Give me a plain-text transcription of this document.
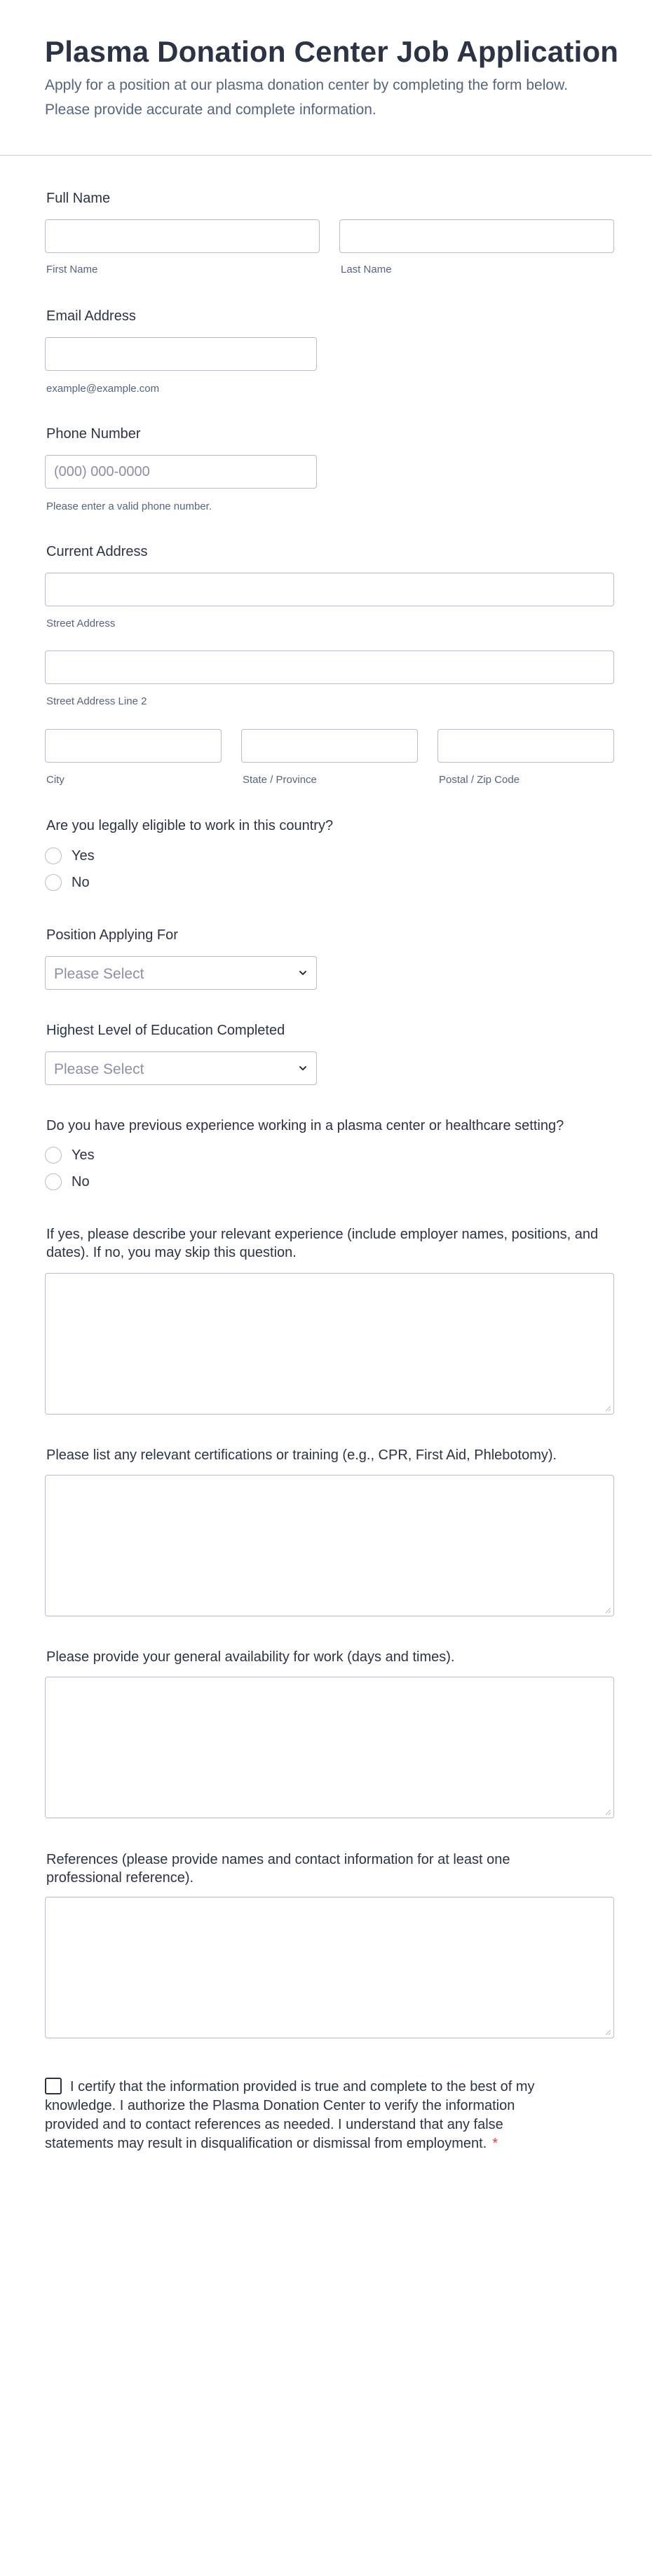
Plasma Donation Center Job Application
Apply for a position at our plasma donation center by completing the form below. Please provide accurate and complete information.
Full Name
First Name	Last Name
Email Address
example@example.com
Phone Number
(000) 000-0000
Please enter a valid phone number.
Current Address
Street Address
Street Address Line 2
City	State / Province	Postal / Zip Code
Are you legally eligible to work in this country?
Yes
No
Position Applying For
Please Select
Highest Level of Education Completed
Please Select
Do you have previous experience working in a plasma center or healthcare setting?
Yes
No
If yes, please describe your relevant experience (include employer names, positions, and dates). If no, you may skip this question.
Please list any relevant certifications or training (e.g., CPR, First Aid, Phlebotomy).
Please provide your general availability for work (days and times).
References (please provide names and contact information for at least one professional reference).
I certify that the information provided is true and complete to the best of my knowledge. I authorize the Plasma Donation Center to verify the information provided and to contact references as needed. I understand that any false statements may result in disqualification or dismissal from employment. *
